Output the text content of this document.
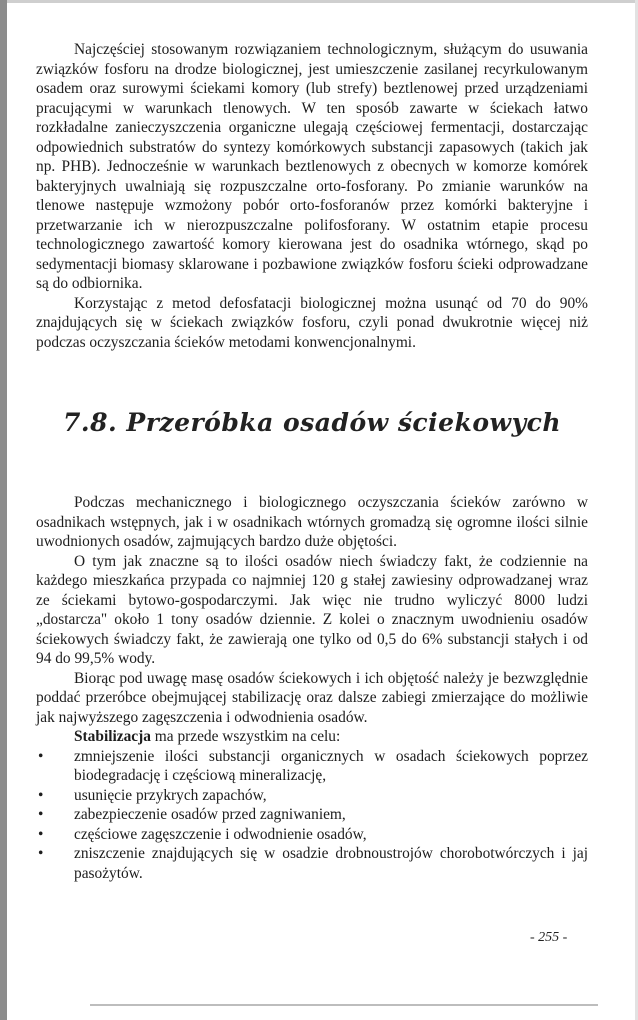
Najczęściej stosowanym rozwiązaniem technologicznym, służącym do usuwania związków fosforu na drodze biologicznej, jest umieszczenie zasilanej recyrkulowanym osadem oraz surowymi ściekami komory (lub strefy) beztlenowej przed urządzeniami pracującymi w warunkach tlenowych. W ten sposób zawarte w ściekach łatwo rozkładalne zanieczyszczenia organiczne ulegają częściowej fermentacji, dostarczając odpowiednich substratów do syntezy komórkowych substancji zapasowych (takich jak np. PHB). Jednocześnie w warunkach beztlenowych z obecnych w komorze komórek bakteryjnych uwalniają się rozpuszczalne orto-fosforany. Po zmianie warunków na tlenowe następuje wzmożony pobór orto-fosforanów przez komórki bakteryjne i przetwarzanie ich w nierozpuszczalne polifosforany. W ostatnim etapie procesu technologicznego zawartość komory kierowana jest do osadnika wtórnego, skąd po sedymentacji biomasy sklarowane i pozbawione związków fosforu ścieki odprowadzane są do odbiornika.

Korzystając z metod defosfatacji biologicznej można usunąć od 70 do 90% znajdujących się w ściekach związków fosforu, czyli ponad dwukrotnie więcej niż podczas oczyszczania ścieków metodami konwencjonalnymi.

7.8. Przeróbka osadów ściekowych

Podczas mechanicznego i biologicznego oczyszczania ścieków zarówno w osadnikach wstępnych, jak i w osadnikach wtórnych gromadzą się ogromne ilości silnie uwodnionych osadów, zajmujących bardzo duże objętości.

O tym jak znaczne są to ilości osadów niech świadczy fakt, że codziennie na każdego mieszkańca przypada co najmniej 120 g stałej zawiesiny odprowadzanej wraz ze ściekami bytowo-gospodarczymi. Jak więc nie trudno wyliczyć 8000 ludzi „dostarcza" około 1 tony osadów dziennie. Z kolei o znacznym uwodnieniu osadów ściekowych świadczy fakt, że zawierają one tylko od 0,5 do 6% substancji stałych i od 94 do 99,5% wody.

Biorąc pod uwagę masę osadów ściekowych i ich objętość należy je bezwzględnie poddać przeróbce obejmującej stabilizację oraz dalsze zabiegi zmierzające do możliwie jak najwyższego zagęszczenia i odwodnienia osadów.

Stabilizacja ma przede wszystkim na celu:

• zmniejszenie ilości substancji organicznych w osadach ściekowych poprzez biodegradację i częściową mineralizację,
• usunięcie przykrych zapachów,
• zabezpieczenie osadów przed zagniwaniem,
• częściowe zagęszczenie i odwodnienie osadów,
• zniszczenie znajdujących się w osadzie drobnoustrojów chorobotwórczych i jaj pasożytów.
- 255 -
